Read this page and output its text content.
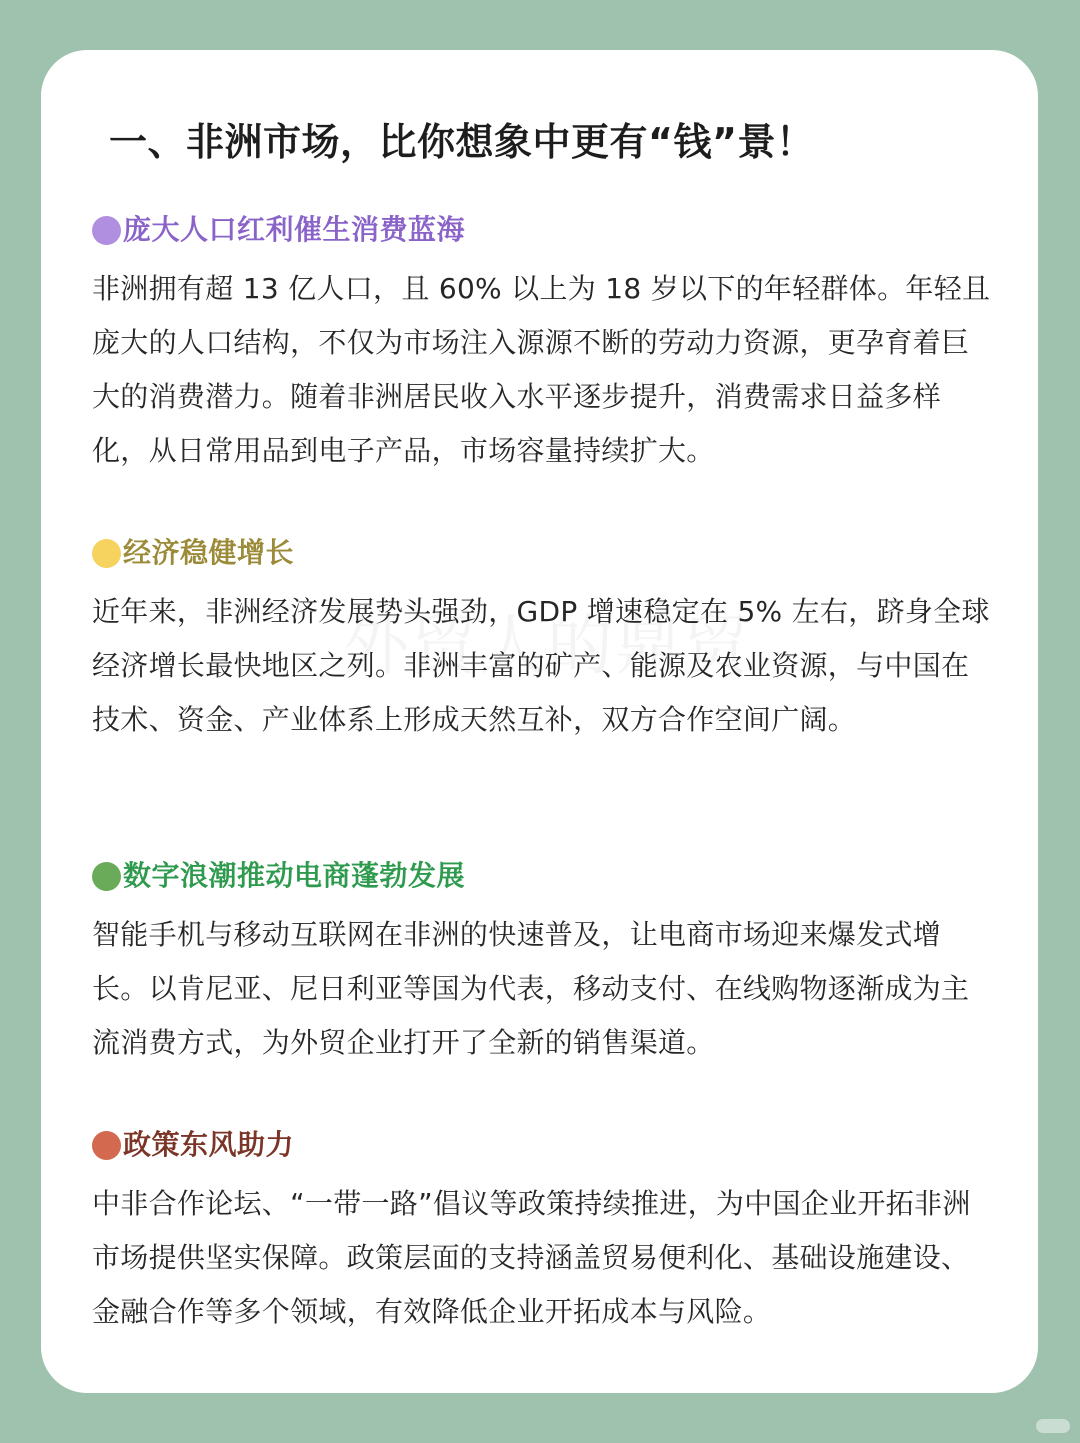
一、非洲市场，比你想象中更有“钱”景！
庞大人口红利催生消费蓝海

非洲拥有超 13 亿人口，且 60% 以上为 18 岁以下的年轻群体。年轻且庞大的人口结构，不仅为市场注入源源不断的劳动力资源，更孕育着巨大的消费潜力。随着非洲居民收入水平逐步提升，消费需求日益多样化，从日常用品到电子产品，市场容量持续扩大。

经济稳健增长

近年来，非洲经济发展势头强劲，GDP 增速稳定在 5% 左右，跻身全球经济增长最快地区之列。非洲丰富的矿产、能源及农业资源，与中国在技术、资金、产业体系上形成天然互补，双方合作空间广阔。

数字浪潮推动电商蓬勃发展

智能手机与移动互联网在非洲的快速普及，让电商市场迎来爆发式增长。以肯尼亚、尼日利亚等国为代表，移动支付、在线购物逐渐成为主流消费方式，为外贸企业打开了全新的销售渠道。

政策东风助力

中非合作论坛、“一带一路”倡议等政策持续推进，为中国企业开拓非洲市场提供坚实保障。政策层面的支持涵盖贸易便利化、基础设施建设、金融合作等多个领域，有效降低企业开拓成本与风险。
